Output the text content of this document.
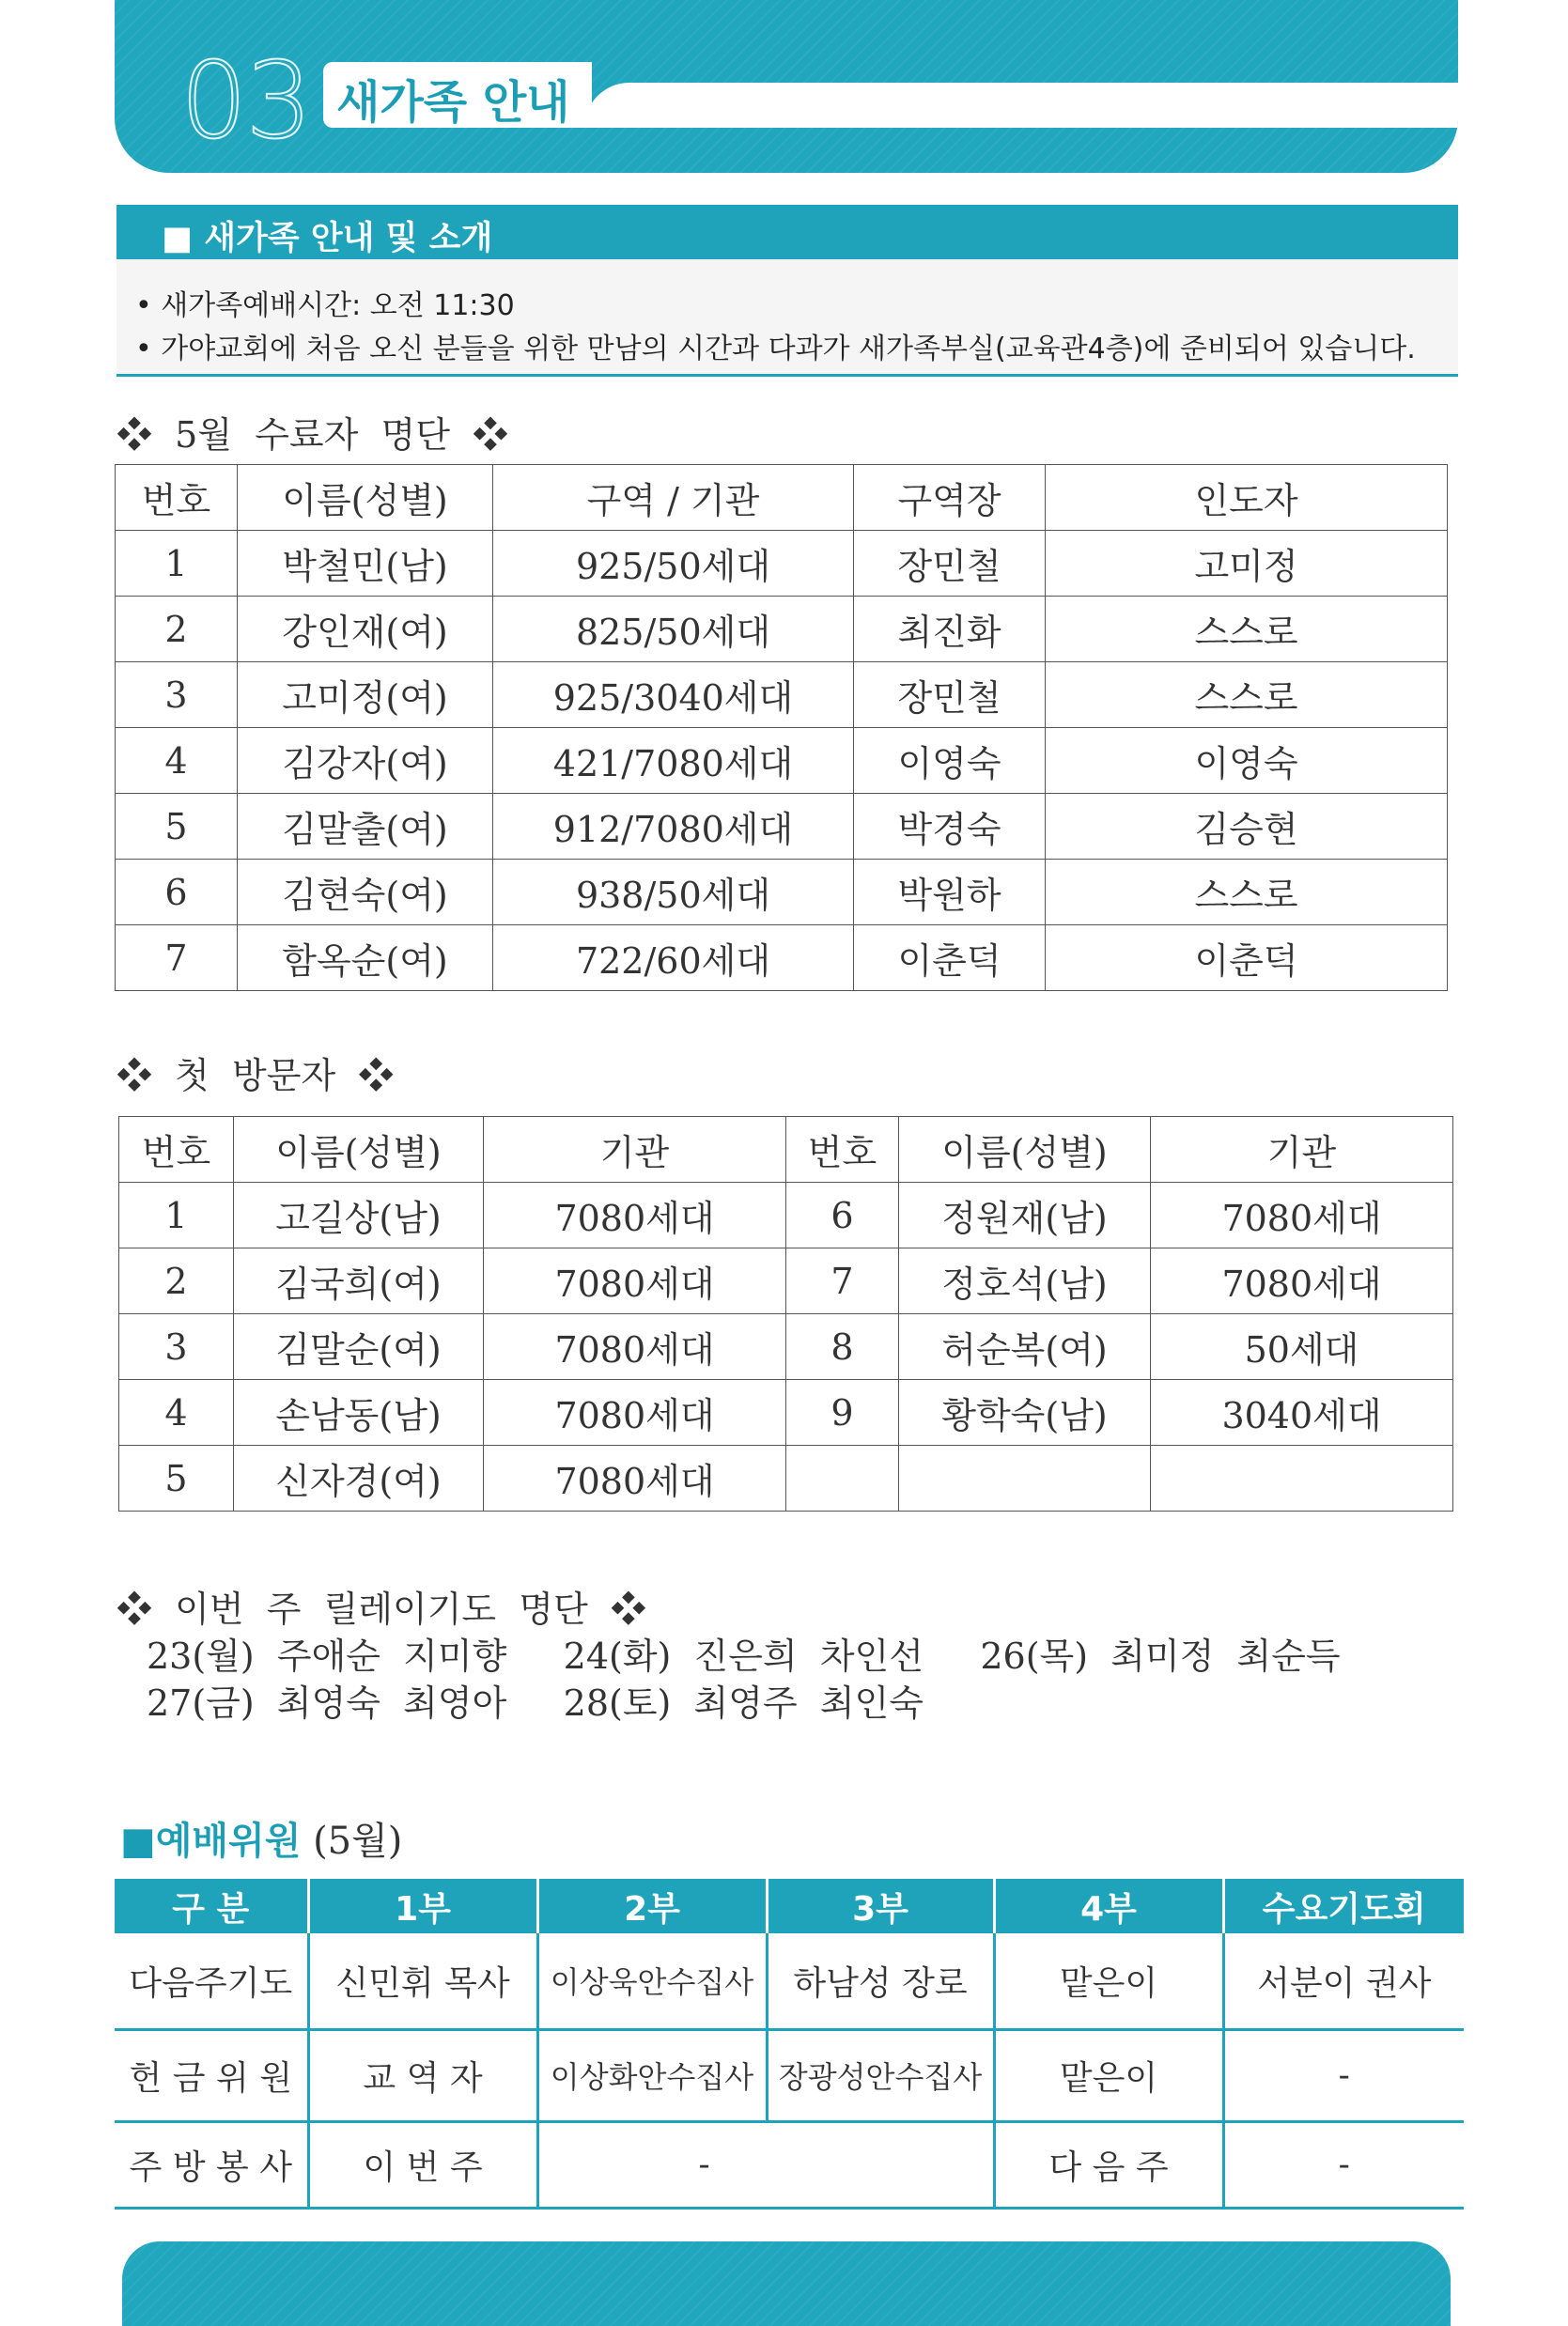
03 새가족 안내
■ 새가족 안내 및 소개
• 새가족예배시간: 오전 11:30
• 가야교회에 처음 오신 분들을 위한 만남의 시간과 다과가 새가족부실(교육관4층)에 준비되어 있습니다.
❖  5월  수료자  명단  ❖
번호	이름(성별)	구역 / 기관	구역장	인도자
1	박철민(남)	925/50세대	장민철	고미정
2	강인재(여)	825/50세대	최진화	스스로
3	고미정(여)	925/3040세대	장민철	스스로
4	김강자(여)	421/7080세대	이영숙	이영숙
5	김말출(여)	912/7080세대	박경숙	김승현
6	김현숙(여)	938/50세대	박원하	스스로
7	함옥순(여)	722/60세대	이춘덕	이춘덕
❖  첫  방문자  ❖
번호	이름(성별)	기관	번호	이름(성별)	기관
1	고길상(남)	7080세대	6	정원재(남)	7080세대
2	김국희(여)	7080세대	7	정호석(남)	7080세대
3	김말순(여)	7080세대	8	허순복(여)	50세대
4	손남동(남)	7080세대	9	황학숙(남)	3040세대
5	신자경(여)	7080세대			
❖  이번  주  릴레이기도  명단  ❖
23(월)  주애순  지미향     24(화)  진은희  차인선     26(목)  최미정  최순득
27(금)  최영숙  최영아     28(토)  최영주  최인숙
■예배위원 (5월)
구 분	1부	2부	3부	4부	수요기도회
다음주기도	신민휘 목사	이상욱안수집사	하남성 장로	맡은이	서분이 권사
헌 금 위 원	교 역 자	이상화안수집사	장광성안수집사	맡은이	-
주 방 봉 사	이 번 주	-		다 음 주	-
